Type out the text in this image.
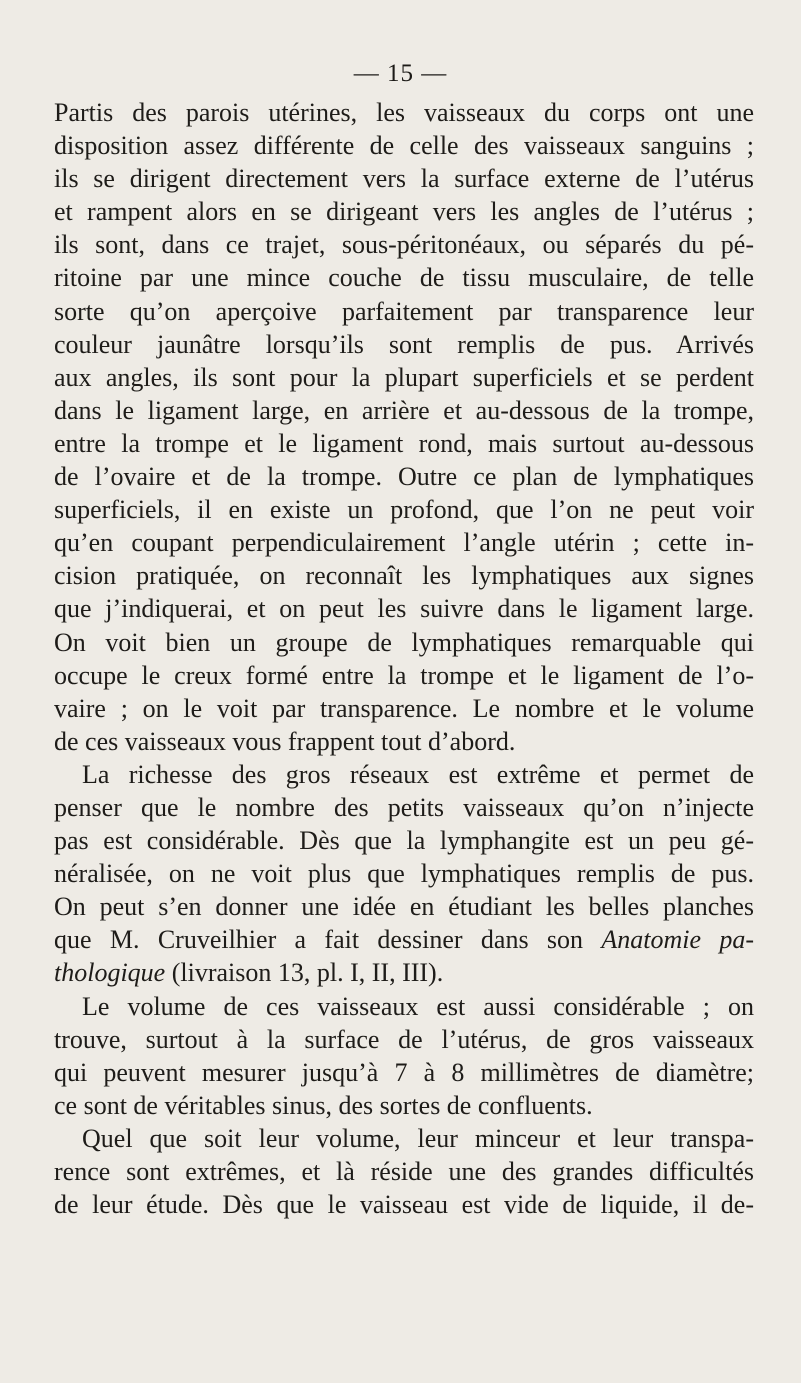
— 15 —
Partis des parois utérines, les vaisseaux du corps ont une
disposition assez différente de celle des vaisseaux sanguins ;
ils se dirigent directement vers la surface externe de l’utérus
et rampent alors en se dirigeant vers les angles de l’utérus ;
ils sont, dans ce trajet, sous-péritonéaux, ou séparés du pé-
ritoine par une mince couche de tissu musculaire, de telle
sorte qu’on aperçoive parfaitement par transparence leur
couleur jaunâtre lorsqu’ils sont remplis de pus. Arrivés
aux angles, ils sont pour la plupart superficiels et se perdent
dans le ligament large, en arrière et au-dessous de la trompe,
entre la trompe et le ligament rond, mais surtout au-dessous
de l’ovaire et de la trompe. Outre ce plan de lymphatiques
superficiels, il en existe un profond, que l’on ne peut voir
qu’en coupant perpendiculairement l’angle utérin ; cette in-
cision pratiquée, on reconnaît les lymphatiques aux signes
que j’indiquerai, et on peut les suivre dans le ligament large.
On voit bien un groupe de lymphatiques remarquable qui
occupe le creux formé entre la trompe et le ligament de l’o-
vaire ; on le voit par transparence. Le nombre et le volume
de ces vaisseaux vous frappent tout d’abord.
La richesse des gros réseaux est extrême et permet de
penser que le nombre des petits vaisseaux qu’on n’injecte
pas est considérable. Dès que la lymphangite est un peu gé-
néralisée, on ne voit plus que lymphatiques remplis de pus.
On peut s’en donner une idée en étudiant les belles planches
que M. Cruveilhier a fait dessiner dans son Anatomie pa-
thologique (livraison 13, pl. I, II, III).
Le volume de ces vaisseaux est aussi considérable ; on
trouve, surtout à la surface de l’utérus, de gros vaisseaux
qui peuvent mesurer jusqu’à 7 à 8 millimètres de diamètre;
ce sont de véritables sinus, des sortes de confluents.
Quel que soit leur volume, leur minceur et leur transpa-
rence sont extrêmes, et là réside une des grandes difficultés
de leur étude. Dès que le vaisseau est vide de liquide, il de-
